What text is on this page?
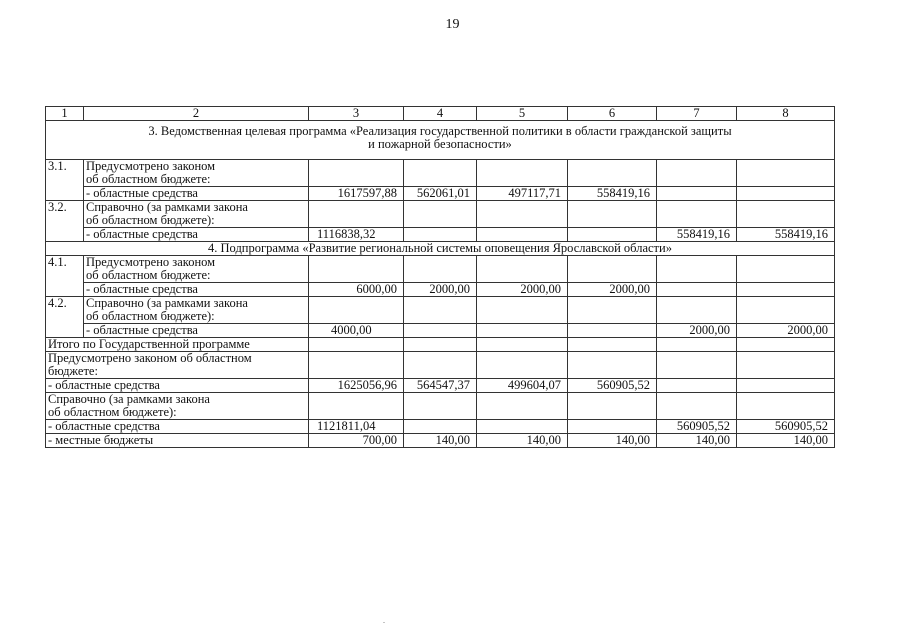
19
1	2	3	4	5	6	7	8

3. Ведомственная целевая программа «Реализация государственной политики в области гражданской защиты
и пожарной безопасности»							

3.1.	Предусмотрено законом
об областном бюджете:						

	- областные средства	1617597,88	562061,01	497117,71	558419,16		
3.2.	Справочно (за рамками закона
об областном бюджете):						

	- областные средства	1116838,32				558419,16	558419,16
4. Подпрограмма «Развитие региональной системы оповещения Ярославской области»							
4.1.	Предусмотрено законом
об областном бюджете:						

	- областные средства	6000,00	2000,00	2000,00	2000,00		
4.2.	Справочно (за рамками закона
об областном бюджете):						

	- областные средства	4000,00				2000,00	2000,00
Итого по Государственной программе							

Предусмотрено законом об областном
бюджете:							

- областные средства		1625056,96	564547,37	499604,07	560905,52		

Справочно (за рамками закона
об областном бюджете):							

- областные средства		1121811,04				560905,52	560905,52
- местные бюджеты		700,00	140,00	140,00	140,00	140,00	140,00
.
